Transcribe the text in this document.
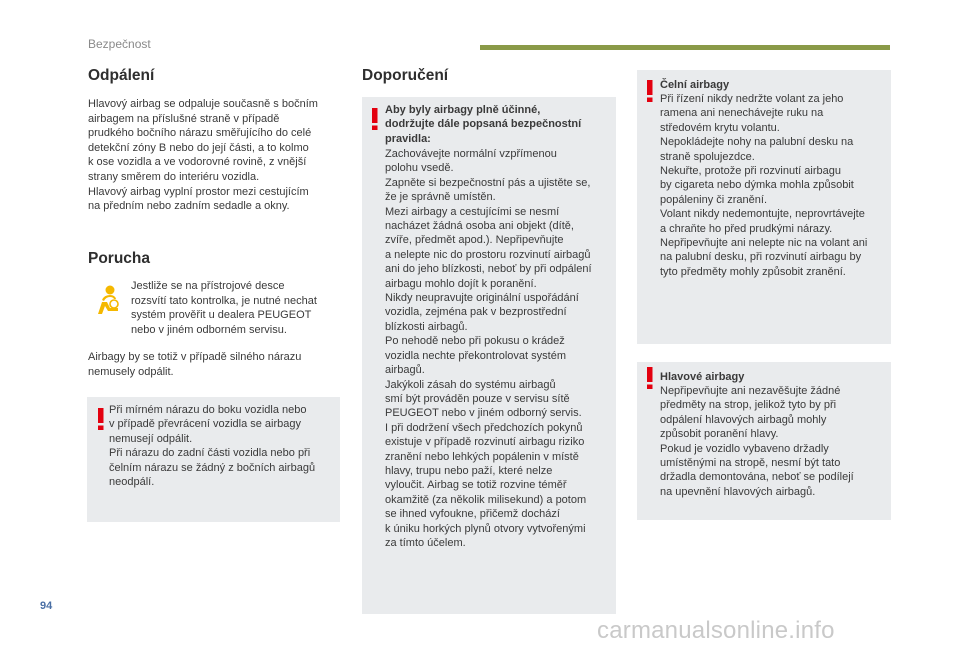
Bezpečnost
Odpálení
Hlavový airbag se odpaluje současně s bočním
airbagem na příslušné straně v případě
prudkého bočního nárazu směřujícího do celé
detekční zóny B nebo do její části, a to kolmo
k ose vozidla a ve vodorovné rovině, z vnější
strany směrem do interiéru vozidla.
Hlavový airbag vyplní prostor mezi cestujícím
na předním nebo zadním sedadle a okny.
Porucha
Jestliže se na přístrojové desce
rozsvítí tato kontrolka, je nutné nechat
systém prověřit u dealera PEUGEOT
nebo v jiném odborném servisu.
Airbagy by se totiž v případě silného nárazu
nemusely odpálit.
Při mírném nárazu do boku vozidla nebo
v případě převrácení vozidla se airbagy
nemusejí odpálit.
Při nárazu do zadní části vozidla nebo při
čelním nárazu se žádný z bočních airbagů
neodpálí.
Doporučení
Aby byly airbagy plně účinné,
dodržujte dále popsaná bezpečnostní
pravidla:
Zachovávejte normální vzpřímenou
polohu vsedě.
Zapněte si bezpečnostní pás a ujistěte se,
že je správně umístěn.
Mezi airbagy a cestujícími se nesmí
nacházet žádná osoba ani objekt (dítě,
zvíře, předmět apod.). Nepřipevňujte
a nelepte nic do prostoru rozvinutí airbagů
ani do jeho blízkosti, neboť by při odpálení
airbagu mohlo dojít k poranění.
Nikdy neupravujte originální uspořádání
vozidla, zejména pak v bezprostřední
blízkosti airbagů.
Po nehodě nebo při pokusu o krádež
vozidla nechte překontrolovat systém
airbagů.
Jakýkoli zásah do systému airbagů
smí být prováděn pouze v servisu sítě
PEUGEOT nebo v jiném odborný servis.
I při dodržení všech předchozích pokynů
existuje v případě rozvinutí airbagu riziko
zranění nebo lehkých popálenin v místě
hlavy, trupu nebo paží, které nelze
vyloučit. Airbag se totiž rozvine téměř
okamžitě (za několik milisekund) a potom
se ihned vyfoukne, přičemž dochází
k úniku horkých plynů otvory vytvořenými
za tímto účelem.
Čelní airbagy
Při řízení nikdy nedržte volant za jeho
ramena ani nenechávejte ruku na
středovém krytu volantu.
Nepokládejte nohy na palubní desku na
straně spolujezdce.
Nekuřte, protože při rozvinutí airbagu
by cigareta nebo dýmka mohla způsobit
popáleniny či zranění.
Volant nikdy nedemontujte, neprovrtávejte
a chraňte ho před prudkými nárazy.
Nepřipevňujte ani nelepte nic na volant ani
na palubní desku, při rozvinutí airbagu by
tyto předměty mohly způsobit zranění.
Hlavové airbagy
Nepřipevňujte ani nezavěšujte žádné
předměty na strop, jelikož tyto by při
odpálení hlavových airbagů mohly
způsobit poranění hlavy.
Pokud je vozidlo vybaveno držadly
umístěnými na stropě, nesmí být tato
držadla demontována, neboť se podílejí
na upevnění hlavových airbagů.
94
carmanualsonline.info
